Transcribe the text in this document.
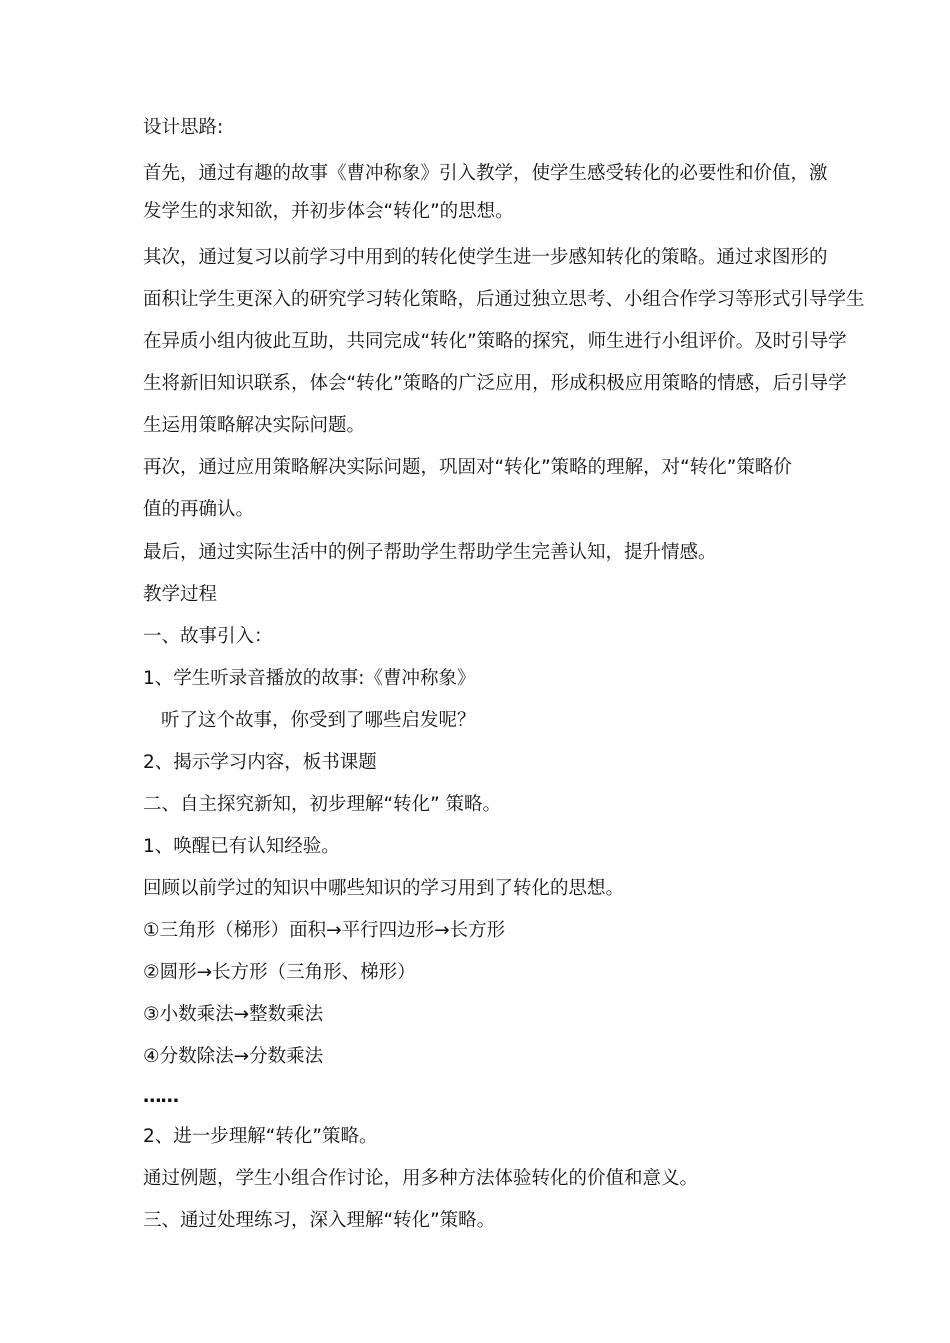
设计思路:
首先，通过有趣的故事《曹冲称象》引入教学，使学生感受转化的必要性和价值，激
发学生的求知欲，并初步体会“转化”的思想。
其次，通过复习以前学习中用到的转化使学生进一步感知转化的策略。通过求图形的
面积让学生更深入的研究学习转化策略，后通过独立思考、小组合作学习等形式引导学生
在异质小组内彼此互助，共同完成“转化”策略的探究，师生进行小组评价。及时引导学
生将新旧知识联系，体会“转化”策略的广泛应用，形成积极应用策略的情感，后引导学
生运用策略解决实际问题。
再次，通过应用策略解决实际问题，巩固对“转化”策略的理解，对“转化”策略价
值的再确认。
最后，通过实际生活中的例子帮助学生帮助学生完善认知，提升情感。
教学过程
一、故事引入：
1、学生听录音播放的故事:《曹冲称象》
听了这个故事，你受到了哪些启发呢？
2、揭示学习内容，板书课题
二、自主探究新知，初步理解“转化” 策略。
1、唤醒已有认知经验。
回顾以前学过的知识中哪些知识的学习用到了转化的思想。
①三角形（梯形）面积→平行四边形→长方形
②圆形→长方形（三角形、梯形）
③小数乘法→整数乘法
④分数除法→分数乘法
……
2、进一步理解“转化”策略。
通过例题，学生小组合作讨论，用多种方法体验转化的价值和意义。
三、通过处理练习，深入理解“转化”策略。
